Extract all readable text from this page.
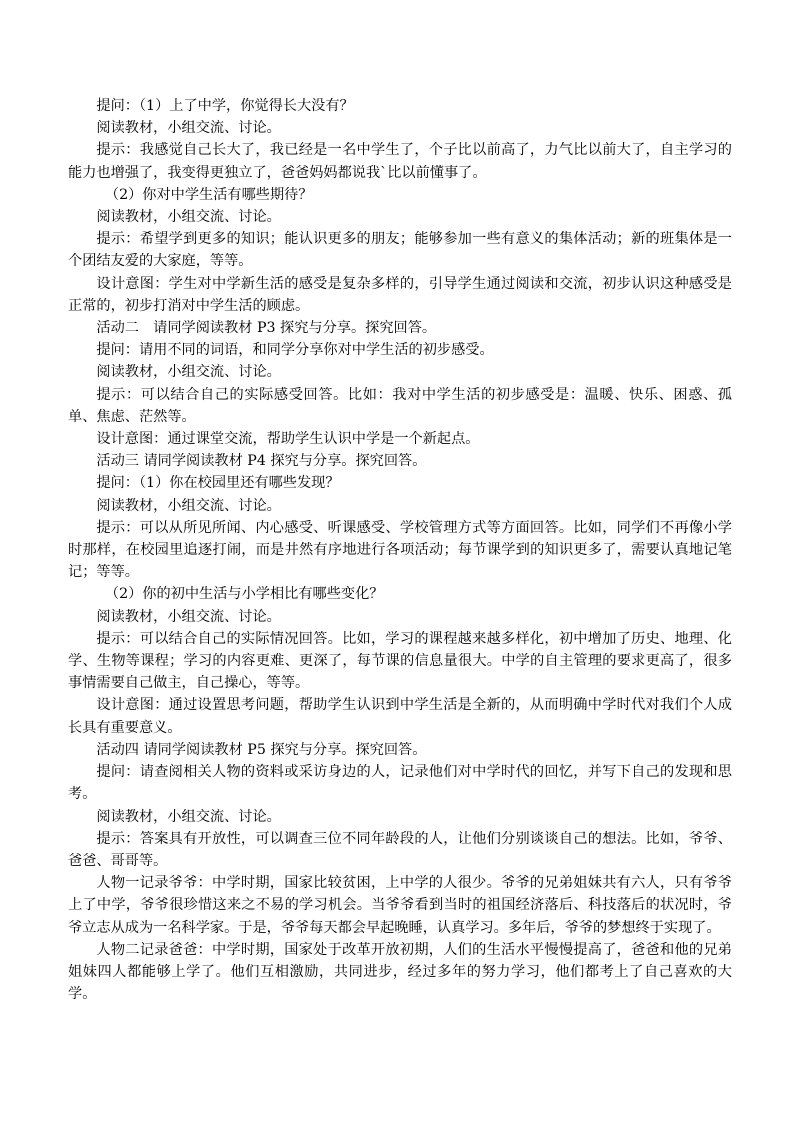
提问：（1）上了中学，你觉得长大没有？

阅读教材，小组交流、讨论。

提示：我感觉自己长大了，我已经是一名中学生了，个子比以前高了，力气比以前大了，自主学习的能力也增强了，我变得更独立了，爸爸妈妈都说我`比以前懂事了。

（2）你对中学生活有哪些期待？

阅读教材，小组交流、讨论。

提示：希望学到更多的知识；能认识更多的朋友；能够参加一些有意义的集体活动；新的班集体是一个团结友爱的大家庭，等等。

设计意图：学生对中学新生活的感受是复杂多样的，引导学生通过阅读和交流，初步认识这种感受是正常的，初步打消对中学生活的顾虑。

活动二　请同学阅读教材 P3 探究与分享。探究回答。

提问：请用不同的词语，和同学分享你对中学生活的初步感受。

阅读教材，小组交流、讨论。

提示：可以结合自己的实际感受回答。比如：我对中学生活的初步感受是：温暖、快乐、困惑、孤单、焦虑、茫然等。

设计意图：通过课堂交流，帮助学生认识中学是一个新起点。

活动三 请同学阅读教材 P4 探究与分享。探究回答。

提问：（1）你在校园里还有哪些发现？

阅读教材，小组交流、讨论。

提示：可以从所见所闻、内心感受、听课感受、学校管理方式等方面回答。比如，同学们不再像小学时那样，在校园里追逐打闹，而是井然有序地进行各项活动；每节课学到的知识更多了，需要认真地记笔记；等等。

（2）你的初中生活与小学相比有哪些变化？

阅读教材，小组交流、讨论。

提示：可以结合自己的实际情况回答。比如，学习的课程越来越多样化，初中增加了历史、地理、化学、生物等课程；学习的内容更难、更深了，每节课的信息量很大。中学的自主管理的要求更高了，很多事情需要自己做主，自己操心，等等。

设计意图：通过设置思考问题，帮助学生认识到中学生活是全新的，从而明确中学时代对我们个人成长具有重要意义。

活动四 请同学阅读教材 P5 探究与分享。探究回答。

提问：请查阅相关人物的资料或采访身边的人，记录他们对中学时代的回忆，并写下自己的发现和思考。

阅读教材，小组交流、讨论。

提示：答案具有开放性，可以调查三位不同年龄段的人，让他们分别谈谈自己的想法。比如，爷爷、爸爸、哥哥等。

人物一记录爷爷：中学时期，国家比较贫困，上中学的人很少。爷爷的兄弟姐妹共有六人，只有爷爷上了中学，爷爷很珍惜这来之不易的学习机会。当爷爷看到当时的祖国经济落后、科技落后的状况时，爷爷立志从成为一名科学家。于是，爷爷每天都会早起晚睡，认真学习。多年后，爷爷的梦想终于实现了。

人物二记录爸爸：中学时期，国家处于改革开放初期，人们的生活水平慢慢提高了，爸爸和他的兄弟姐妹四人都能够上学了。他们互相激励，共同进步，经过多年的努力学习，他们都考上了自己喜欢的大学。
